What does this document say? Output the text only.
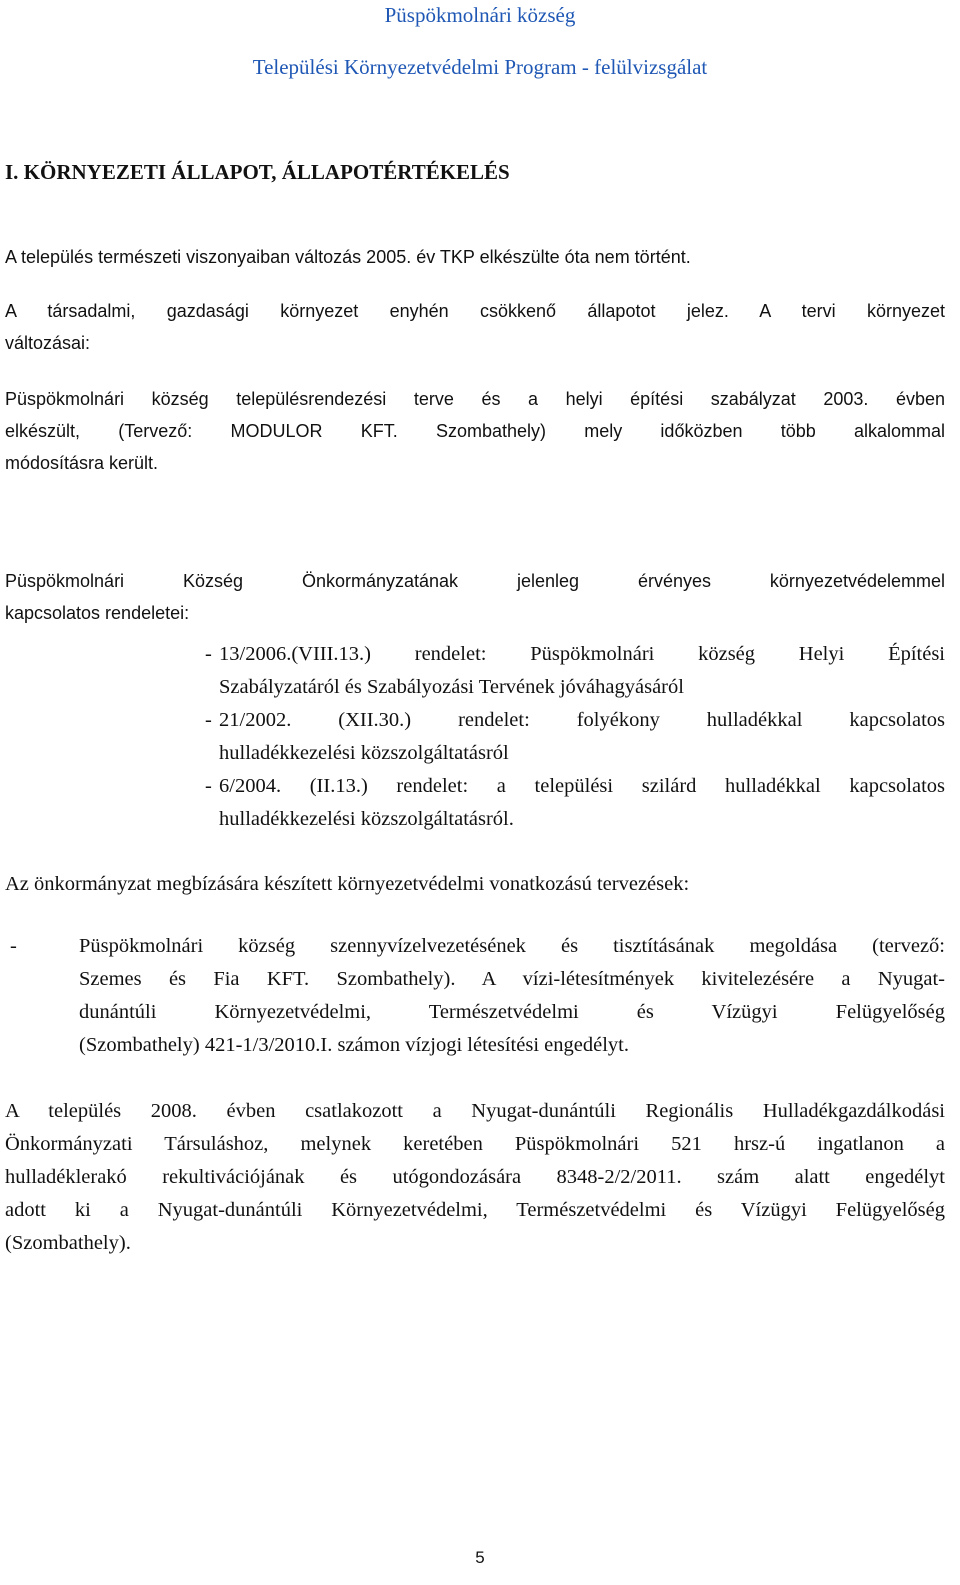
Püspökmolnári község
Települési Környezetvédelmi Program - felülvizsgálat
I. KÖRNYEZETI ÁLLAPOT, ÁLLAPOTÉRTÉKELÉS
A település természeti viszonyaiban változás 2005. év TKP elkészülte óta nem történt.
A társadalmi, gazdasági környezet enyhén csökkenő állapotot jelez. A tervi környezet
változásai:
Püspökmolnári község településrendezési terve és a helyi építési szabályzat 2003. évben
elkészült, (Tervező: MODULOR KFT. Szombathely) mely időközben több alkalommal
módosításra került.
Püspökmolnári Község Önkormányzatának jelenleg érvényes környezetvédelemmel
kapcsolatos rendeletei:
- 13/2006.(VIII.13.) rendelet: Püspökmolnári község Helyi Építési
Szabályzatáról és Szabályozási Tervének jóváhagyásáról
- 21/2002. (XII.30.) rendelet: folyékony hulladékkal kapcsolatos
hulladékkezelési közszolgáltatásról
- 6/2004. (II.13.) rendelet: a települési szilárd hulladékkal kapcsolatos
hulladékkezelési közszolgáltatásról.
Az önkormányzat megbízására készített környezetvédelmi vonatkozású tervezések:
-	Püspökmolnári község szennyvízelvezetésének és tisztításának megoldása (tervező:
Szemes és Fia KFT. Szombathely). A vízi-létesítmények kivitelezésére a Nyugat-
dunántúli Környezetvédelmi, Természetvédelmi és Vízügyi Felügyelőség
(Szombathely) 421-1/3/2010.I. számon vízjogi létesítési engedélyt.
A település 2008. évben csatlakozott a Nyugat-dunántúli Regionális Hulladékgazdálkodási
Önkormányzati Társuláshoz, melynek keretében Püspökmolnári 521 hrsz-ú ingatlanon a
hulladéklerakó rekultivációjának és utógondozására 8348-2/2/2011. szám alatt engedélyt
adott ki a Nyugat-dunántúli Környezetvédelmi, Természetvédelmi és Vízügyi Felügyelőség
(Szombathely).
5
